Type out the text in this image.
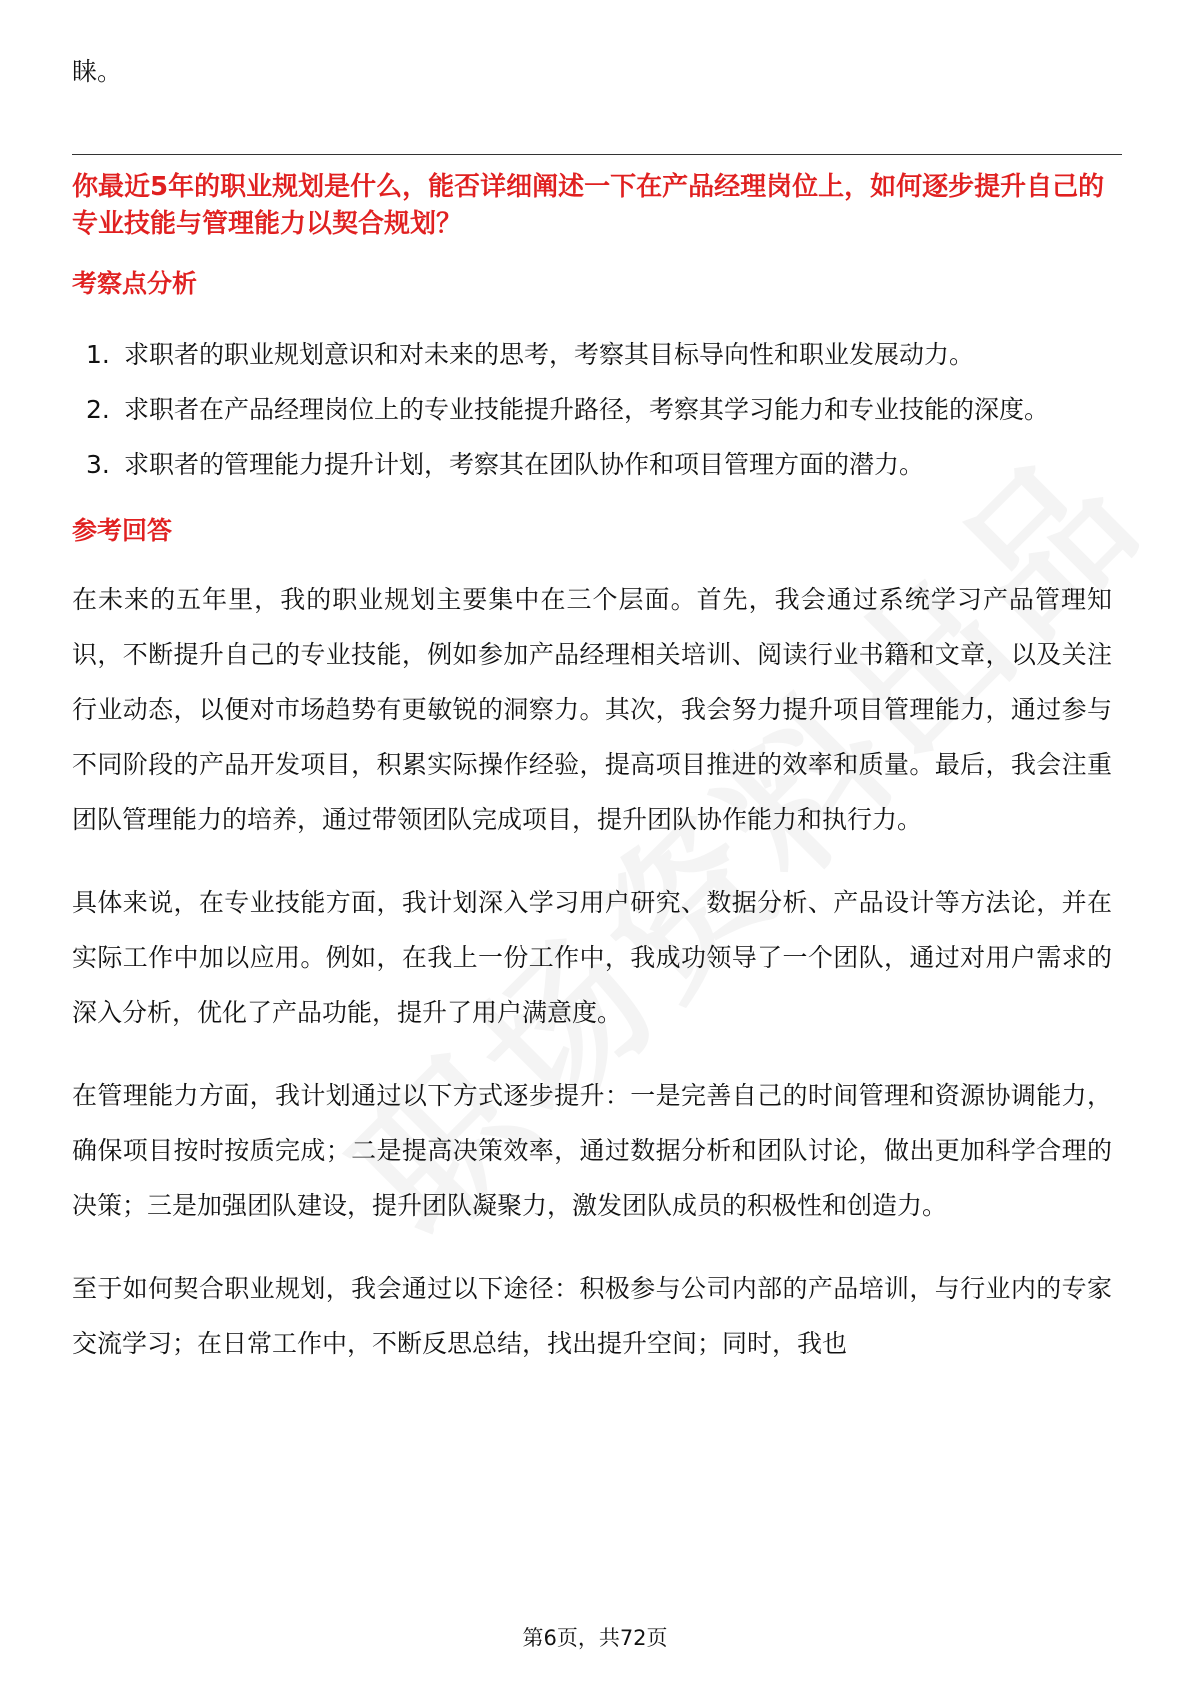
睐。

你最近5年的职业规划是什么，能否详细阐述一下在产品经理岗位上，如何逐步提升自己的专业技能与管理能力以契合规划？

考察点分析

1. 求职者的职业规划意识和对未来的思考，考察其目标导向性和职业发展动力。
2. 求职者在产品经理岗位上的专业技能提升路径，考察其学习能力和专业技能的深度。
3. 求职者的管理能力提升计划，考察其在团队协作和项目管理方面的潜力。

参考回答

在未来的五年里，我的职业规划主要集中在三个层面。首先，我会通过系统学习产品管理知识，不断提升自己的专业技能，例如参加产品经理相关培训、阅读行业书籍和文章，以及关注行业动态，以便对市场趋势有更敏锐的洞察力。其次，我会努力提升项目管理能力，通过参与不同阶段的产品开发项目，积累实际操作经验，提高项目推进的效率和质量。最后，我会注重团队管理能力的培养，通过带领团队完成项目，提升团队协作能力和执行力。

具体来说，在专业技能方面，我计划深入学习用户研究、数据分析、产品设计等方法论，并在实际工作中加以应用。例如，在我上一份工作中，我成功领导了一个团队，通过对用户需求的深入分析，优化了产品功能，提升了用户满意度。

在管理能力方面，我计划通过以下方式逐步提升：一是完善自己的时间管理和资源协调能力，确保项目按时按质完成；二是提高决策效率，通过数据分析和团队讨论，做出更加科学合理的决策；三是加强团队建设，提升团队凝聚力，激发团队成员的积极性和创造力。

至于如何契合职业规划，我会通过以下途径：积极参与公司内部的产品培训，与行业内的专家交流学习；在日常工作中，不断反思总结，找出提升空间；同时，我也

第6页，共72页
